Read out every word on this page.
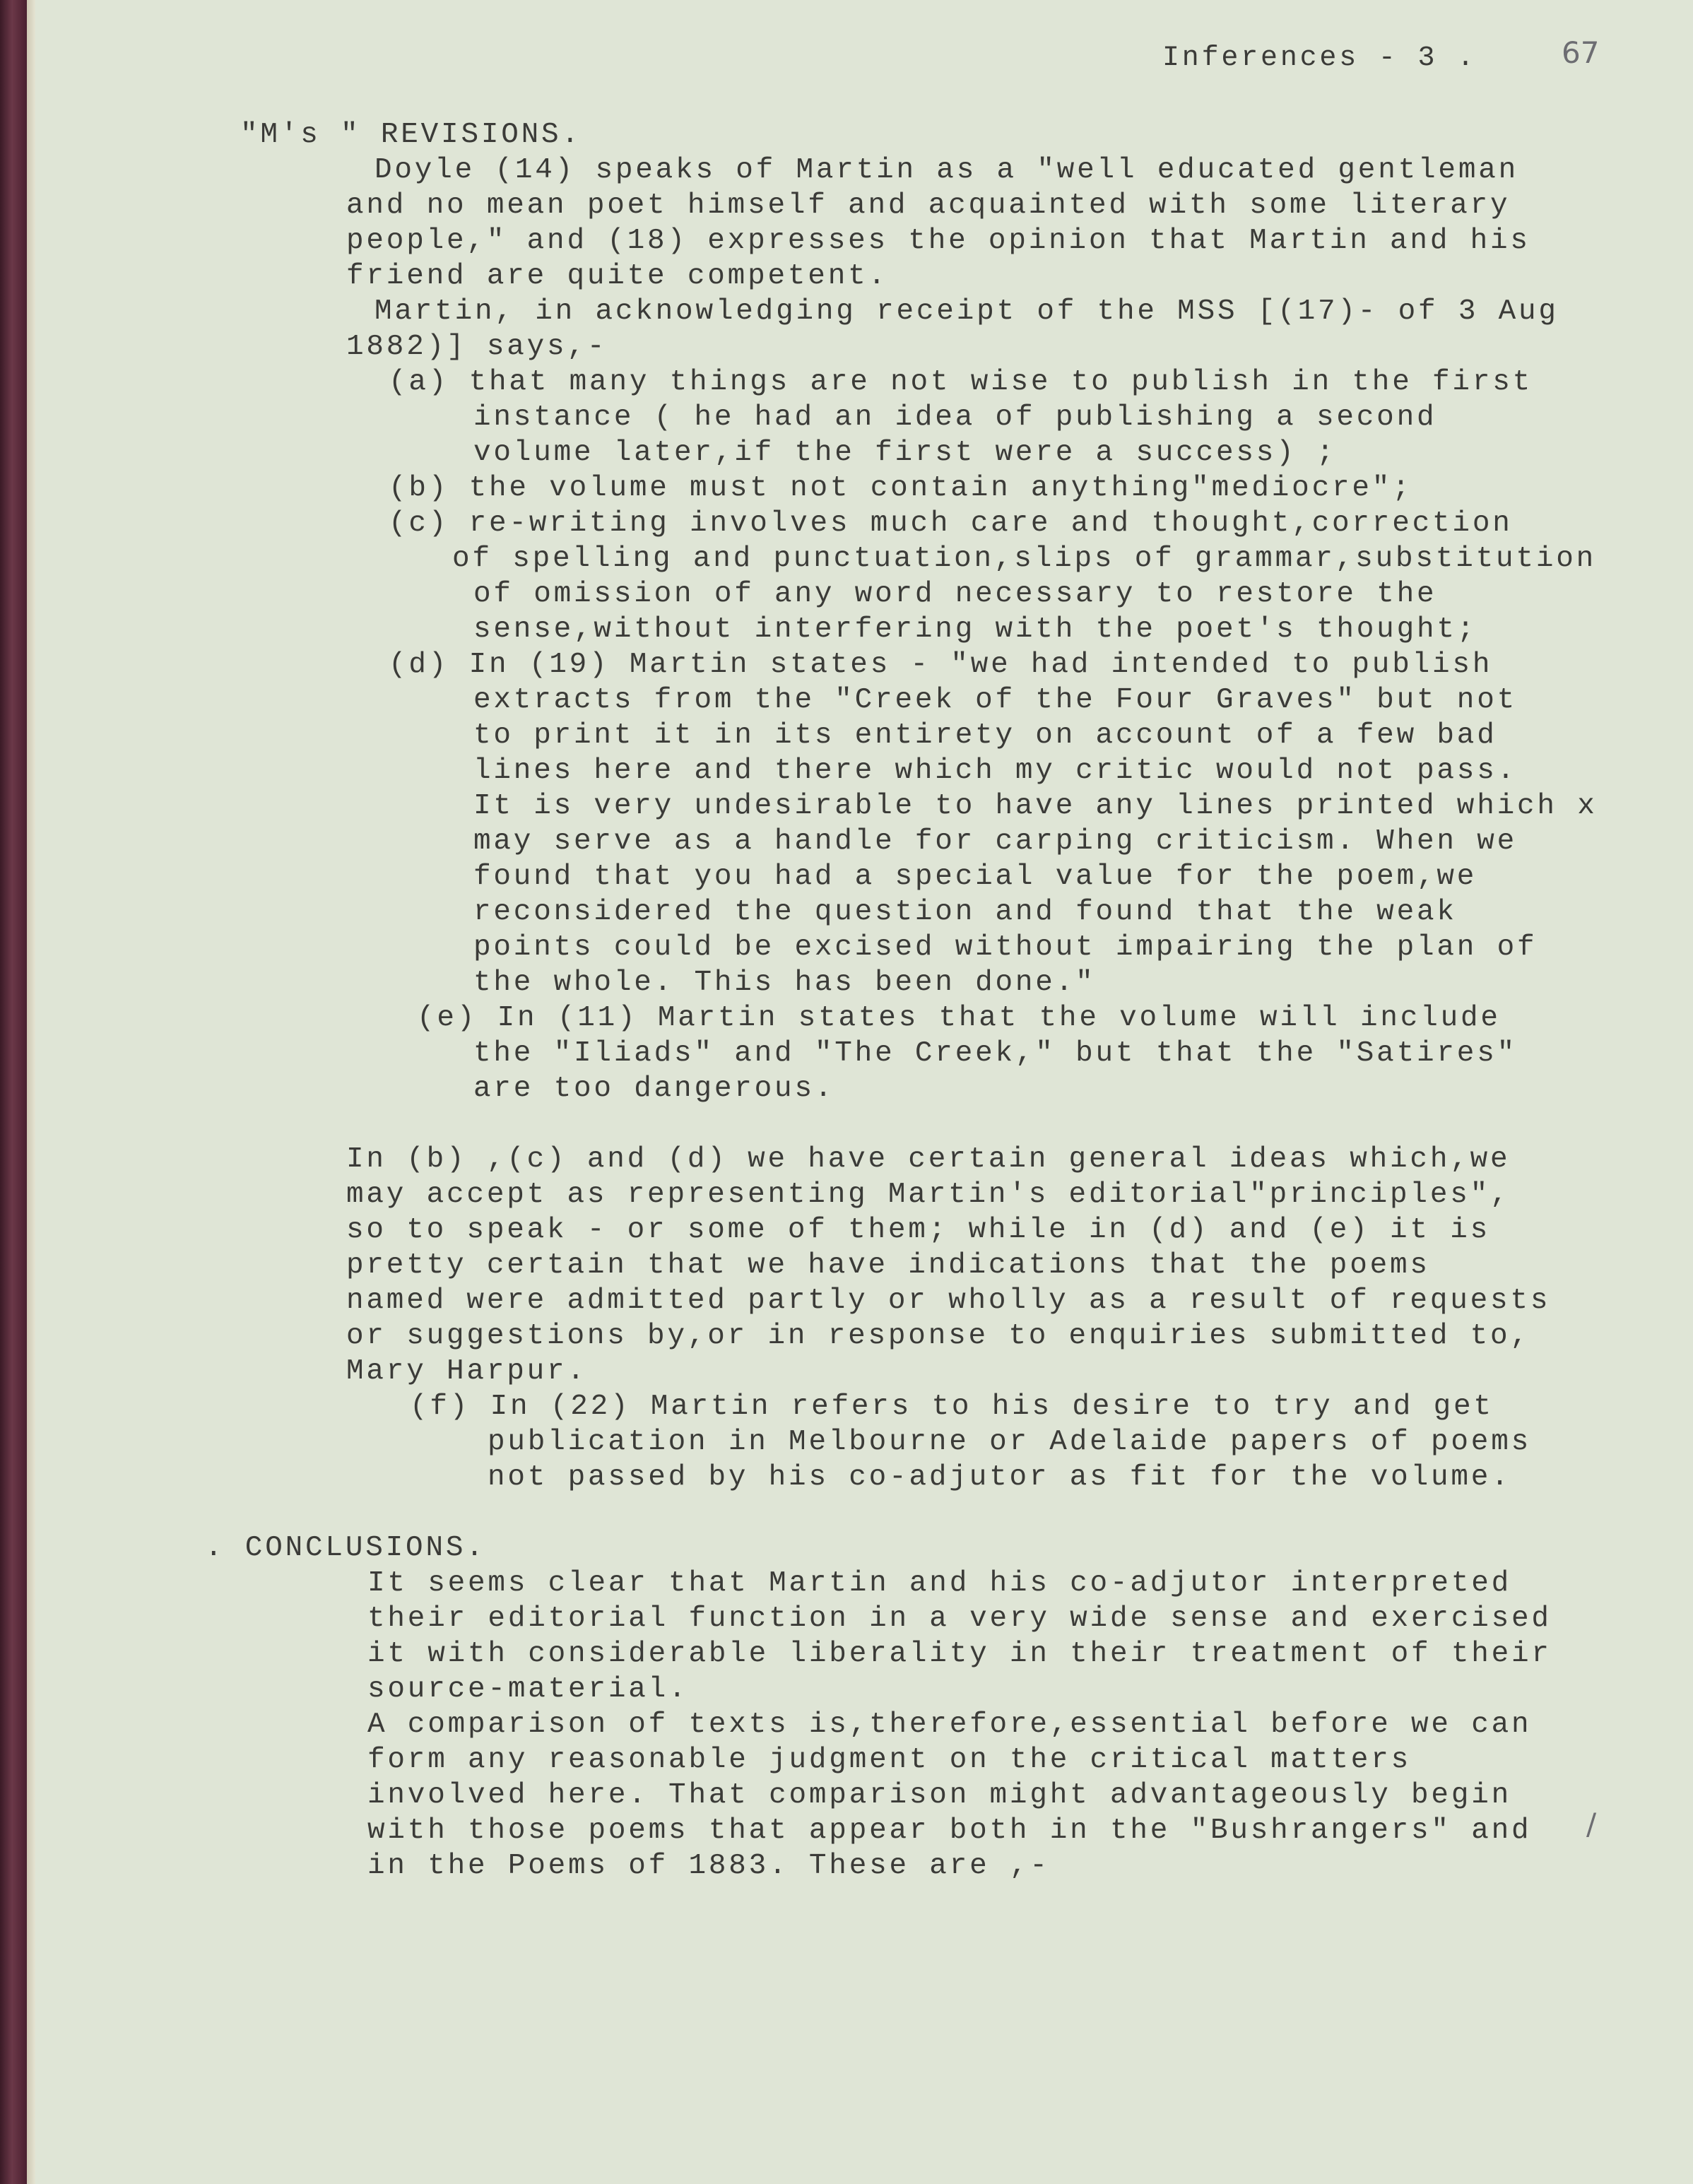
Inferences - 3 .	67
"M's " REVISIONS.
Doyle (14) speaks of Martin as a "well educated gentleman
and no mean poet himself and acquainted with some literary
people," and (18) expresses the opinion that Martin and his
friend are quite competent.
Martin, in acknowledging receipt of the MSS [(17)- of 3 Aug
1882)] says,-
(a) that many things are not wise to publish in the first
instance ( he had an idea of publishing a second
volume later,if the first were a success) ;
(b) the volume must not contain anything"mediocre";
(c) re-writing involves much care and thought,correction
of spelling and punctuation,slips of grammar,substitution
of omission of any word necessary to restore the
sense,without interfering with the poet's thought;
(d) In (19) Martin states - "we had intended to publish
extracts from the "Creek of the Four Graves" but not
to print it in its entirety on account of a few bad
lines here and there which my critic would not pass.
It is very undesirable to have any lines printed which x
may serve as a handle for carping criticism. When we
found that you had a special value for the poem,we
reconsidered the question and found that the weak
points could be excised without impairing the plan of
the whole. This has been done."
(e) In (11) Martin states that the volume will include
the "Iliads" and "The Creek," but that the "Satires"
are too dangerous.
In (b) ,(c) and (d) we have certain general ideas which,we
may accept as representing Martin's editorial"principles",
so to speak - or some of them; while in (d) and (e) it is
pretty certain that we have indications that the poems
named were admitted partly or wholly as a result of requests
or suggestions by,or in response to enquiries submitted to,
Mary Harpur.
(f) In (22) Martin refers to his desire to try and get
publication in Melbourne or Adelaide papers of poems
not passed by his co-adjutor as fit for the volume.
. CONCLUSIONS.
It seems clear that Martin and his co-adjutor interpreted
their editorial function in a very wide sense and exercised
it with considerable liberality in their treatment of their
source-material.
A comparison of texts is,therefore,essential before we can
form any reasonable judgment on the critical matters
involved here. That comparison might advantageously begin
with those poems that appear both in the "Bushrangers" and
in the Poems of 1883. These are ,-
/
